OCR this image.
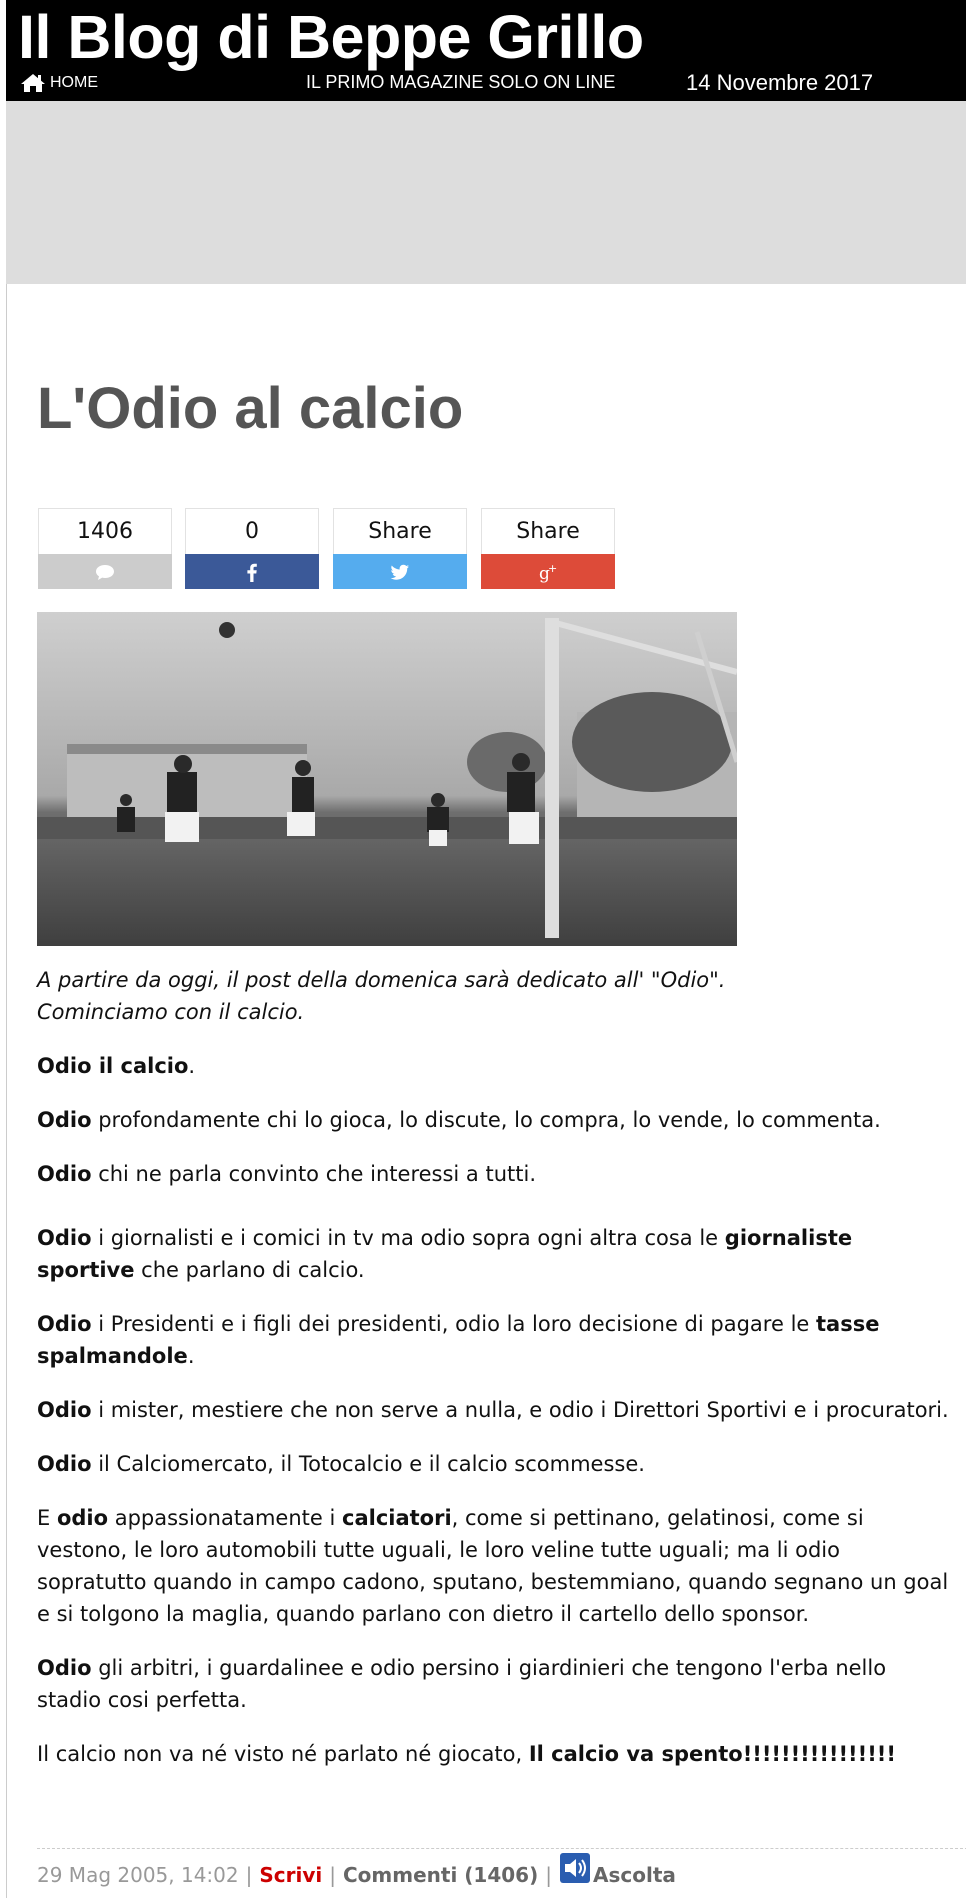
Il Blog di Beppe Grillo
HOME	IL PRIMO MAGAZINE SOLO ON LINE	14 Novembre 2017
L'Odio al calcio
1406	0	Share	Share
g
+

A partire da oggi, il post della domenica sarà dedicato all' "Odio".
Cominciamo con il calcio.

Odio il calcio.

Odio profondamente chi lo gioca, lo discute, lo compra, lo vende, lo commenta.

Odio chi ne parla convinto che interessi a tutti.

Odio i giornalisti e i comici in tv ma odio sopra ogni altra cosa le giornaliste sportive che parlano di calcio.

Odio i Presidenti e i figli dei presidenti, odio la loro decisione di pagare le tasse spalmandole.

Odio i mister, mestiere che non serve a nulla, e odio i Direttori Sportivi e i procuratori.

Odio il Calciomercato, il Totocalcio e il calcio scommesse.

E odio appassionatamente i calciatori, come si pettinano, gelatinosi, come si vestono, le loro automobili tutte uguali, le loro veline tutte uguali; ma li odio sopratutto quando in campo cadono, sputano, bestemmiano, quando segnano un goal e si tolgono la maglia, quando parlano con dietro il cartello dello sponsor.

Odio gli arbitri, i guardalinee e odio persino i giardinieri che tengono l'erba nello stadio cosi perfetta.

Il calcio non va né visto né parlato né giocato, Il calcio va spento!!!!!!!!!!!!!!!!

29 Mag 2005, 14:02 | Scrivi | Commenti (1406) | Ascolta
